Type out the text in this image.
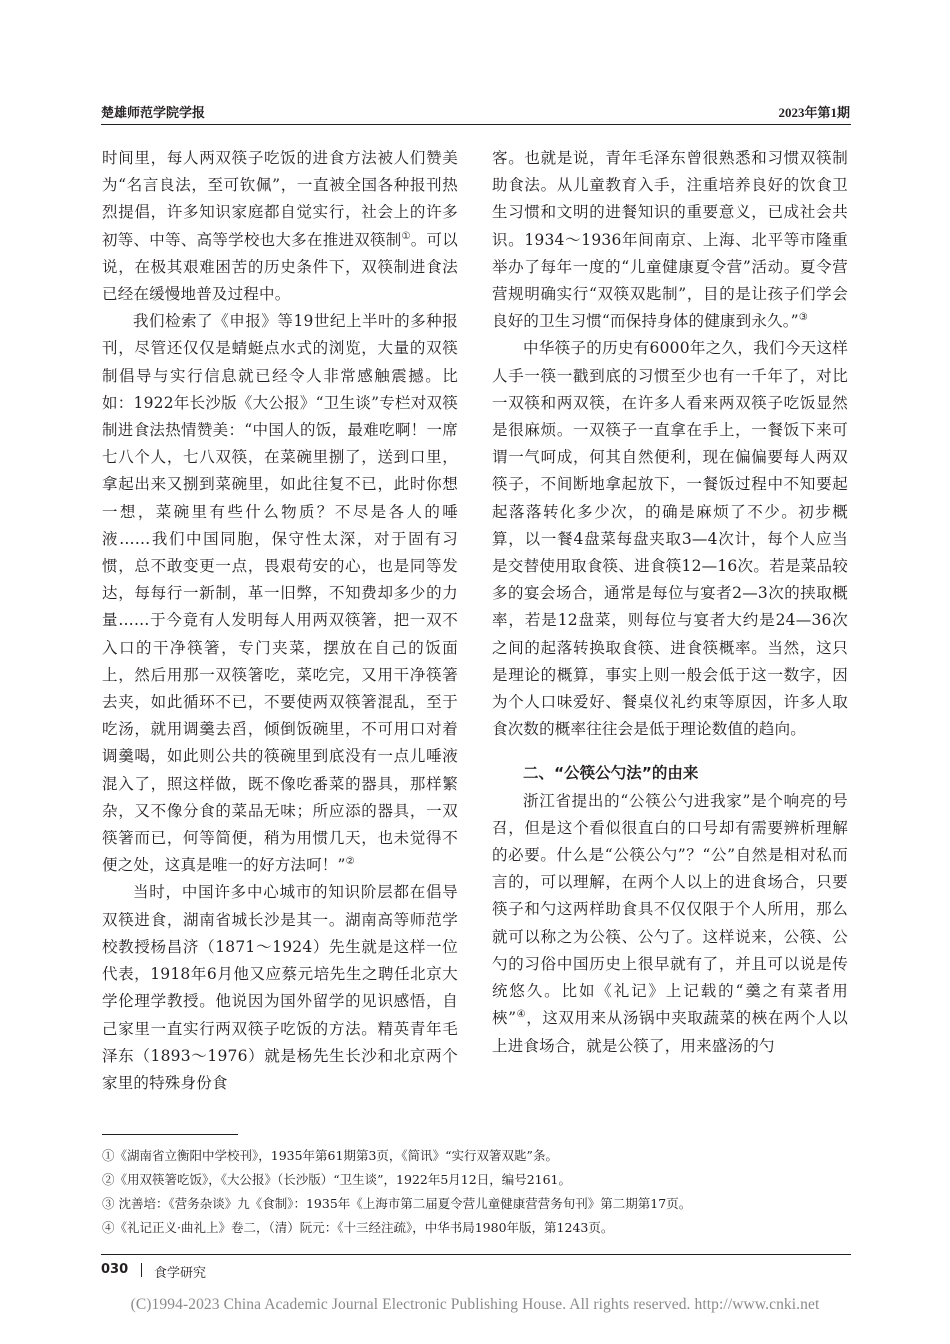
楚雄师范学院学报	2023年第1期

时间里，每人两双筷子吃饭的进食方法被人们赞美为“名言良法，至可钦佩”，一直被全国各种报刊热烈提倡，许多知识家庭都自觉实行，社会上的许多初等、中等、高等学校也大多在推进双筷制①。可以说，在极其艰难困苦的历史条件下，双筷制进食法已经在缓慢地普及过程中。

我们检索了《申报》等19世纪上半叶的多种报刊，尽管还仅仅是蜻蜓点水式的浏览，大量的双筷制倡导与实行信息就已经令人非常感触震撼。比如：1922年长沙版《大公报》“卫生谈”专栏对双筷制进食法热情赞美：“中国人的饭，最难吃啊！一席七八个人，七八双筷，在菜碗里捌了，送到口里，拿起出来又捌到菜碗里，如此往复不已，此时你想一想，菜碗里有些什么物质？不尽是各人的唾液……我们中国同胞，保守性太深，对于固有习惯，总不敢变更一点，畏艰苟安的心，也是同等发达，每每行一新制，革一旧弊，不知费却多少的力量……于今竟有人发明每人用两双筷箸，把一双不入口的干净筷箸，专门夹菜，摆放在自己的饭面上，然后用那一双筷箸吃，菜吃完，又用干净筷箸去夹，如此循环不已，不要使两双筷箸混乱，至于吃汤，就用调羹去舀，倾倒饭碗里，不可用口对着调羹喝，如此则公共的筷碗里到底没有一点儿唾液混入了，照这样做，既不像吃番菜的器具，那样繁杂，又不像分食的菜品无味；所应添的器具，一双筷箸而已，何等简便，稍为用惯几天，也未觉得不便之处，这真是唯一的好方法呵！”②

当时，中国许多中心城市的知识阶层都在倡导双筷进食，湖南省城长沙是其一。湖南高等师范学校教授杨昌济（1871～1924）先生就是这样一位代表，1918年6月他又应蔡元培先生之聘任北京大学伦理学教授。他说因为国外留学的见识感悟，自己家里一直实行两双筷子吃饭的方法。精英青年毛泽东（1893～1976）就是杨先生长沙和北京两个家里的特殊身份食

客。也就是说，青年毛泽东曾很熟悉和习惯双筷制助食法。从儿童教育入手，注重培养良好的饮食卫生习惯和文明的进餐知识的重要意义，已成社会共识。1934～1936年间南京、上海、北平等市隆重举办了每年一度的“儿童健康夏令营”活动。夏令营营规明确实行“双筷双匙制”，目的是让孩子们学会良好的卫生习惯“而保持身体的健康到永久。”③

中华筷子的历史有6000年之久，我们今天这样人手一筷一戳到底的习惯至少也有一千年了，对比一双筷和两双筷，在许多人看来两双筷子吃饭显然是很麻烦。一双筷子一直拿在手上，一餐饭下来可谓一气呵成，何其自然便利，现在偏偏要每人两双筷子，不间断地拿起放下，一餐饭过程中不知要起起落落转化多少次，的确是麻烦了不少。初步概算，以一餐4盘菜每盘夹取3—4次计，每个人应当是交替使用取食筷、进食筷12—16次。若是菜品较多的宴会场合，通常是每位与宴者2—3次的挟取概率，若是12盘菜，则每位与宴者大约是24—36次之间的起落转换取食筷、进食筷概率。当然，这只是理论的概算，事实上则一般会低于这一数字，因为个人口味爱好、餐桌仪礼约束等原因，许多人取食次数的概率往往会是低于理论数值的趋向。

二、“公筷公勺法”的由来

浙江省提出的“公筷公勺进我家”是个响亮的号召，但是这个看似很直白的口号却有需要辨析理解的必要。什么是“公筷公勺”？“公”自然是相对私而言的，可以理解，在两个人以上的进食场合，只要筷子和勺这两样助食具不仅仅限于个人所用，那么就可以称之为公筷、公勺了。这样说来，公筷、公勺的习俗中国历史上很早就有了，并且可以说是传统悠久。比如《礼记》上记载的“羹之有菜者用梜”④，这双用来从汤锅中夹取蔬菜的梜在两个人以上进食场合，就是公筷了，用来盛汤的勺

①《湖南省立衡阳中学校刊》，1935年第61期第3页，《简讯》“实行双箸双匙”条。
②《用双筷箸吃饭》，《大公报》（长沙版）“卫生谈”，1922年5月12日，编号2161。
③ 沈善培：《营务杂谈》九《食制》：1935年《上海市第二届夏令营儿童健康营营务旬刊》第二期第17页。
④《礼记正义·曲礼上》卷二，（清）阮元：《十三经注疏》，中华书局1980年版，第1243页。
030 食学研究
(C)1994-2023 China Academic Journal Electronic Publishing House. All rights reserved. http://www.cnki.net
